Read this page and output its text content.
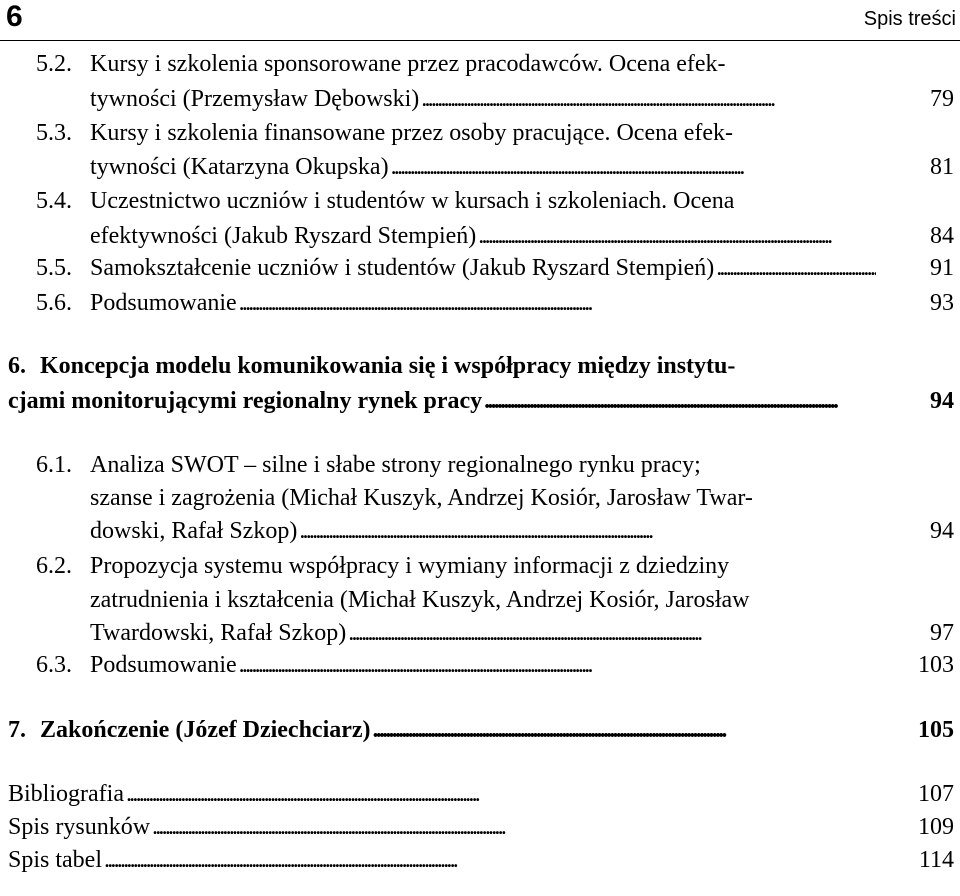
6	Spis treści
5.2. Kursy i szkolenia sponsorowane przez pracodawców. Ocena efek-
tywności (Przemysław Dębowski) . . .	79
5.3. Kursy i szkolenia finansowane przez osoby pracujące. Ocena efek-
tywności (Katarzyna Okupska) . . .	81
5.4. Uczestnictwo uczniów i studentów w kursach i szkoleniach. Ocena
efektywności (Jakub Ryszard Stempień) . . .	84
5.5. Samokształcenie uczniów i studentów (Jakub Ryszard Stempień) . . .	91
5.6. Podsumowanie . . .	93
6. Koncepcja modelu komunikowania się i współpracy między instytu-
cjami monitorującymi regionalny rynek pracy . . .	94
6.1. Analiza SWOT – silne i słabe strony regionalnego rynku pracy;
szanse i zagrożenia (Michał Kuszyk, Andrzej Kosiór, Jarosław Twar-
dowski, Rafał Szkop) . . .	94
6.2. Propozycja systemu współpracy i wymiany informacji z dziedziny
zatrudnienia i kształcenia (Michał Kuszyk, Andrzej Kosiór, Jarosław
Twardowski, Rafał Szkop) . . .	97
6.3. Podsumowanie . . .	103
7. Zakończenie (Józef Dziechciarz) . . .	105
Bibliografia . . .	107
Spis rysunków . . .	109
Spis tabel . . .	114
